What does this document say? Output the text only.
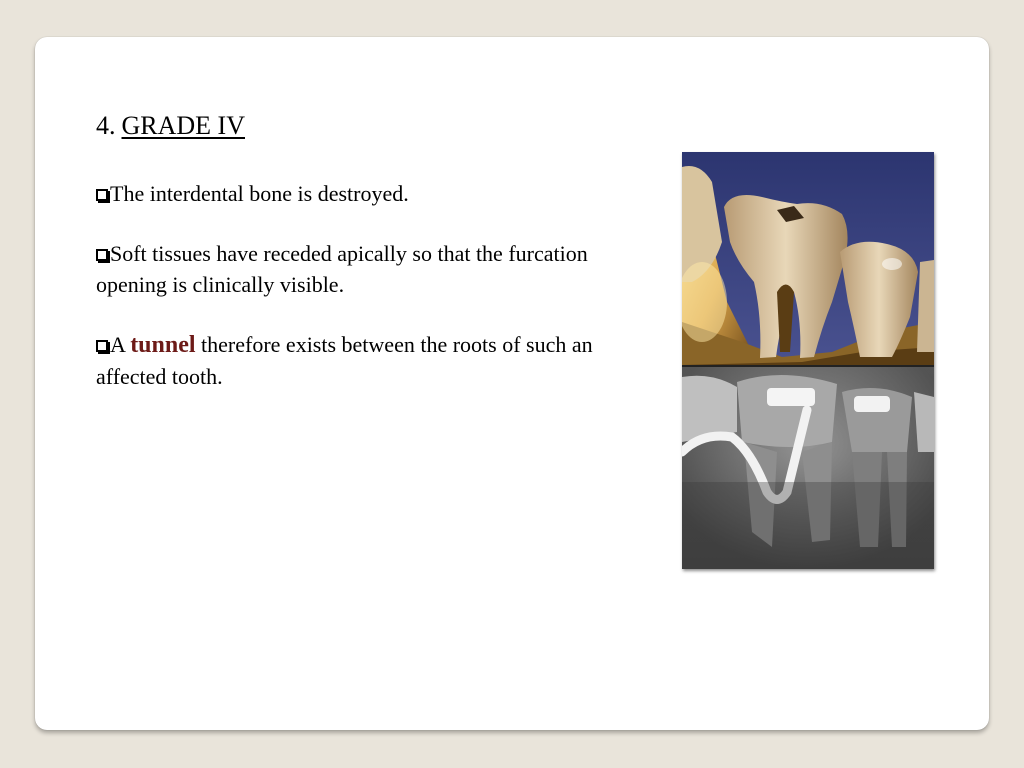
4. GRADE IV
The interdental bone is destroyed.
Soft tissues have receded apically so that the furcation opening is clinically visible.
A tunnel therefore exists between the roots of such an affected tooth.
